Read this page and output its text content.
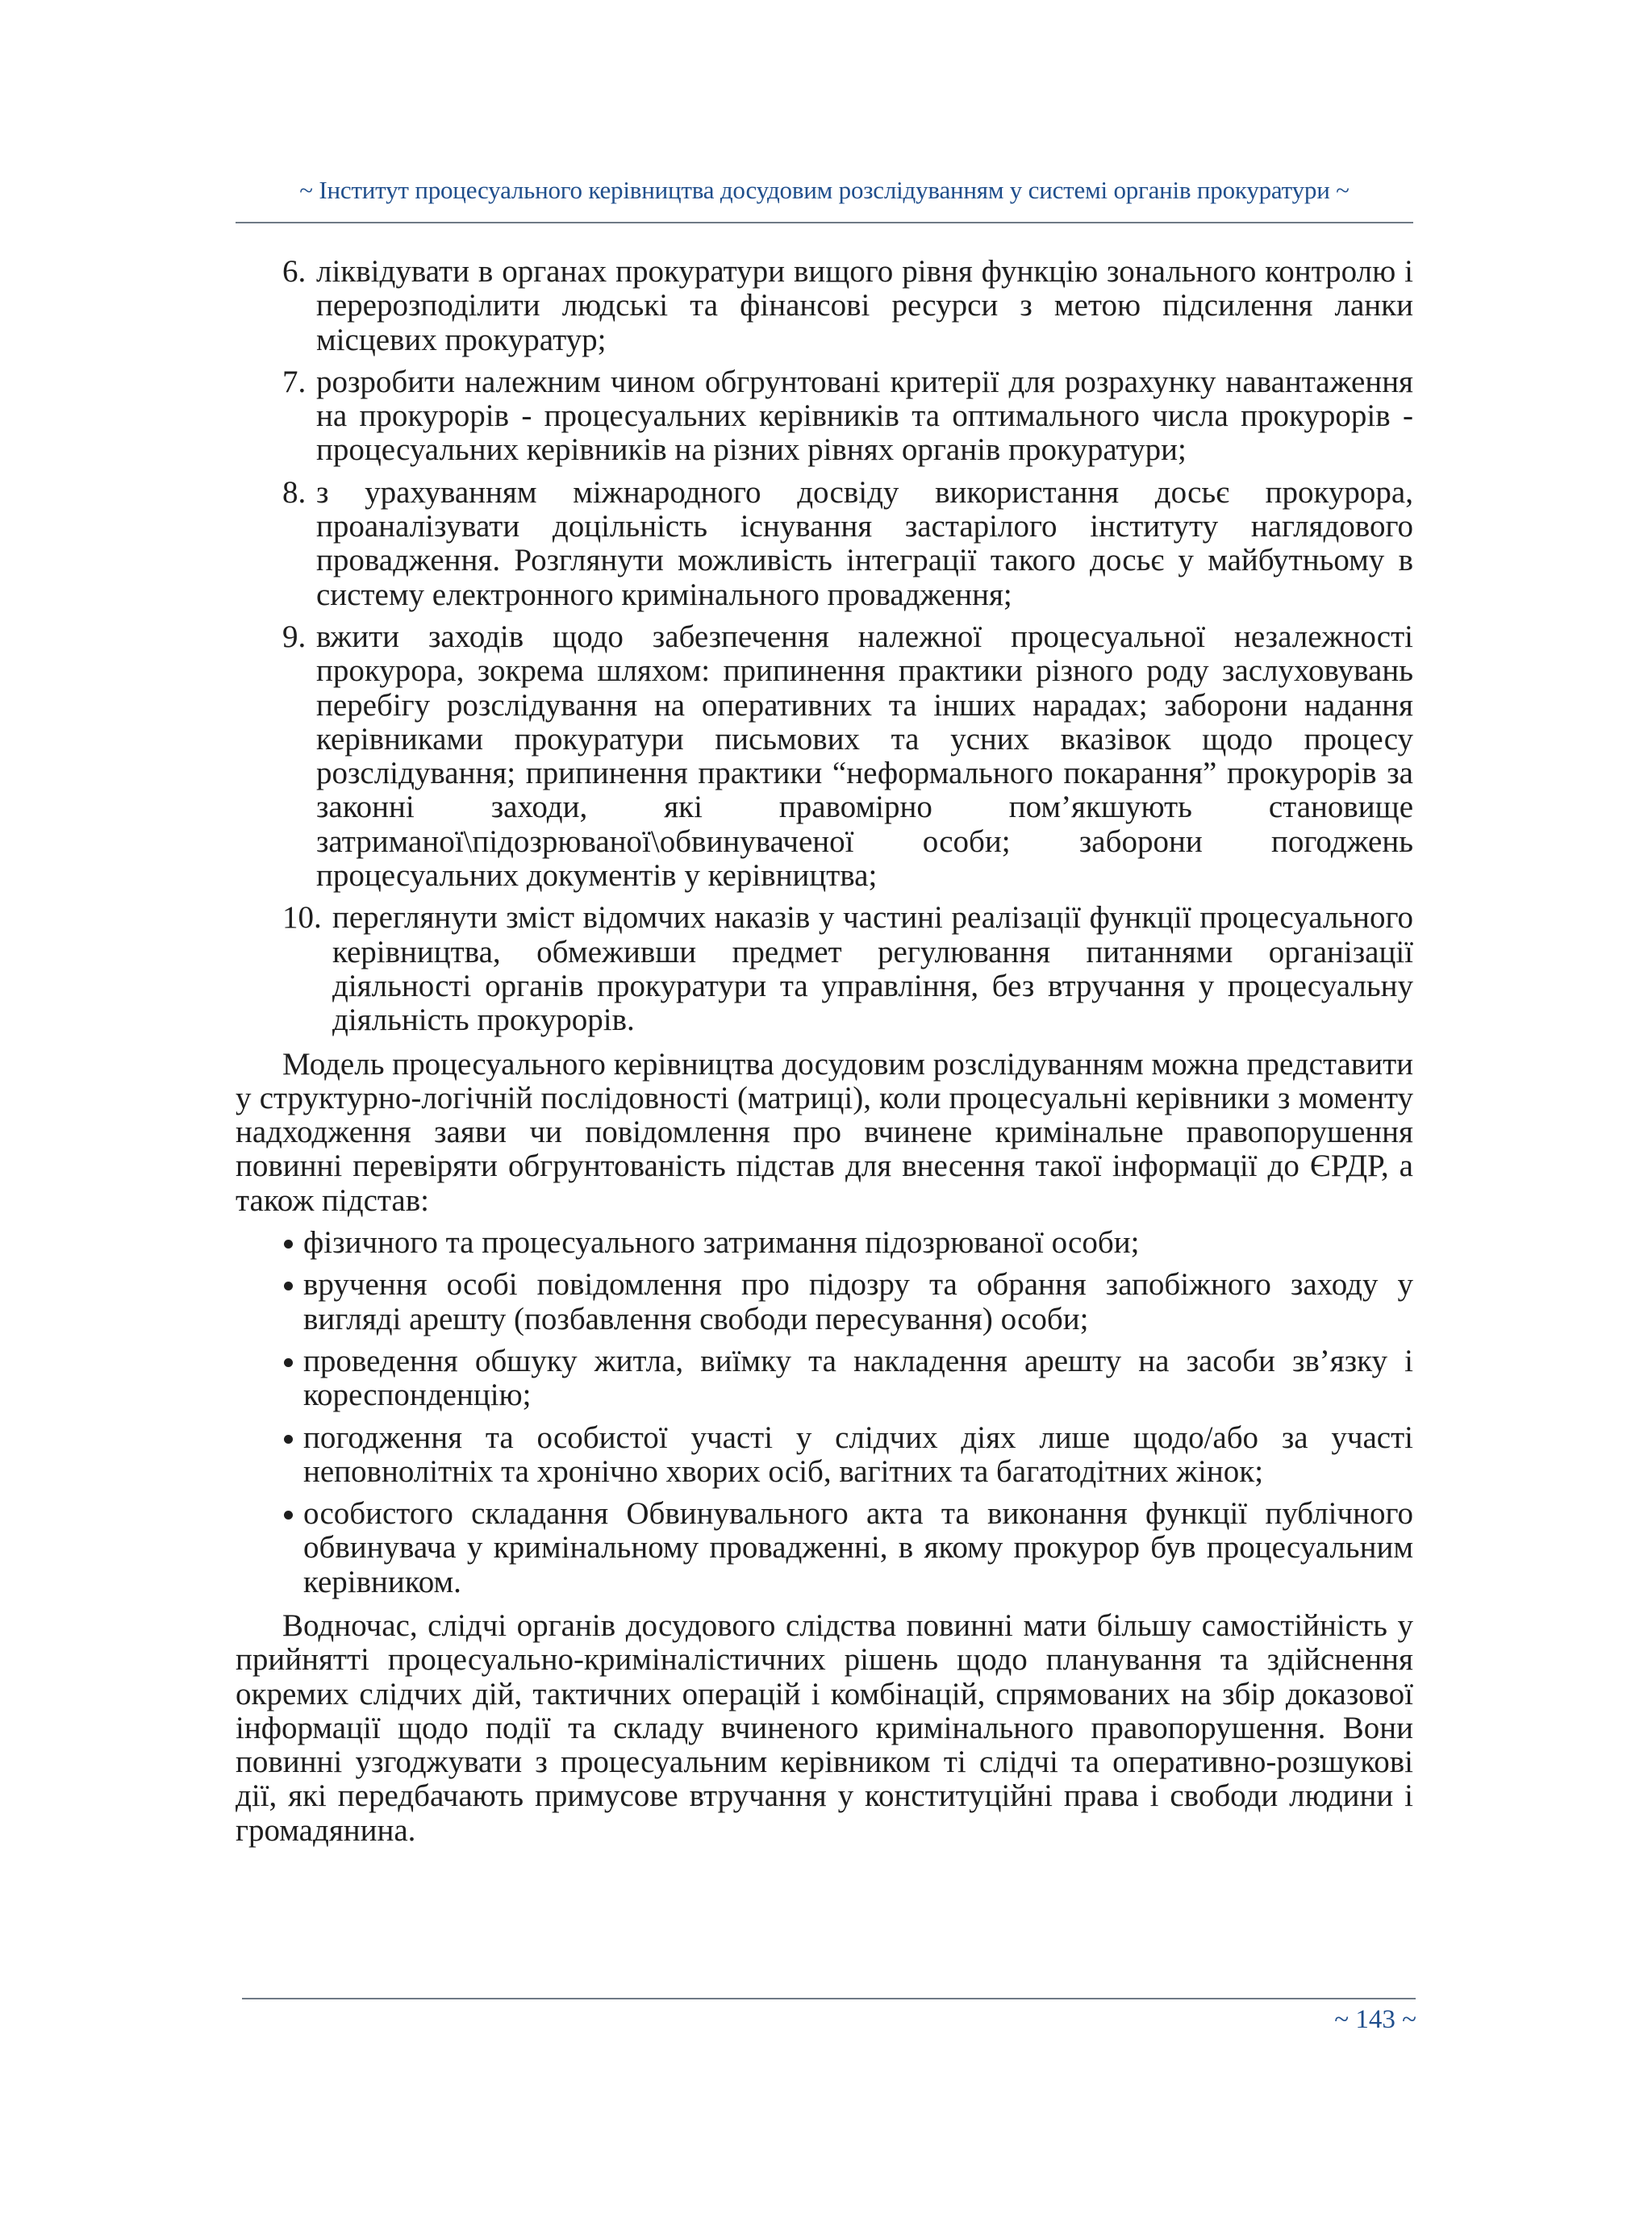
~ Інститут процесуального керівництва досудовим розслідуванням у системі органів прокуратури ~
6. ліквідувати в органах прокуратури вищого рівня функцію зонального контролю і перерозподілити людські та фінансові ресурси з метою підсилення ланки місцевих прокуратур;
7. розробити належним чином обгрунтовані критерії для розрахунку навантаження на прокурорів - процесуальних керівників та оптимального числа прокурорів - процесуальних керівників на різних рівнях органів прокуратури;
8. з урахуванням міжнародного досвіду використання досьє прокурора, проаналізувати доцільність існування застарілого інституту наглядового провадження. Розглянути можливість інтеграції такого досьє у майбутньому в систему електронного кримінального провадження;
9. вжити заходів щодо забезпечення належної процесуальної незалежності прокурора, зокрема шляхом: припинення практики різного роду заслуховувань перебігу розслідування на оперативних та інших нарадах; заборони надання керівниками прокуратури письмових та усних вказівок щодо процесу розслідування; припинення практики “неформального покарання” прокурорів за законні заходи, які правомірно пом’якшують становище затриманої\підозрюваної\обвинуваченої особи; заборони погоджень процесуальних документів у керівництва;
10. переглянути зміст відомчих наказів у частині реалізації функції процесуального керівництва, обмеживши предмет регулювання питаннями організації діяльності органів прокуратури та управління, без втручання у процесуальну діяльність прокурорів.

Модель процесуального керівництва досудовим розслідуванням можна представити у структурно-логічній послідовності (матриці), коли процесуальні керівники з моменту надходження заяви чи повідомлення про вчинене кримінальне правопорушення повинні перевіряти обгрунтованість підстав для внесення такої інформації до ЄРДР, а також підстав:

фізичного та процесуального затримання підозрюваної особи;
вручення особі повідомлення про підозру та обрання запобіжного заходу у вигляді арешту (позбавлення свободи пересування) особи;
проведення обшуку житла, виїмку та накладення арешту на засоби зв’язку і кореспонденцію;
погодження та особистої участі у слідчих діях лише щодо/або за участі неповнолітніх та хронічно хворих осіб, вагітних та багатодітних жінок;
особистого складання Обвинувального акта та виконання функції публічного обвинувача у кримінальному провадженні, в якому прокурор був процесуальним керівником.

Водночас, слідчі органів досудового слідства повинні мати більшу самостійність у прийнятті процесуально-криміналістичних рішень щодо планування та здійснення окремих слідчих дій, тактичних операцій і комбінацій, спрямованих на збір доказової інформації щодо події та складу вчиненого кримінального правопорушення. Вони повинні узгоджувати з процесуальним керівником ті слідчі та оперативно-розшукові дії, які передбачають примусове втручання у конституційні права і свободи людини і громадянина.

~ 143 ~
